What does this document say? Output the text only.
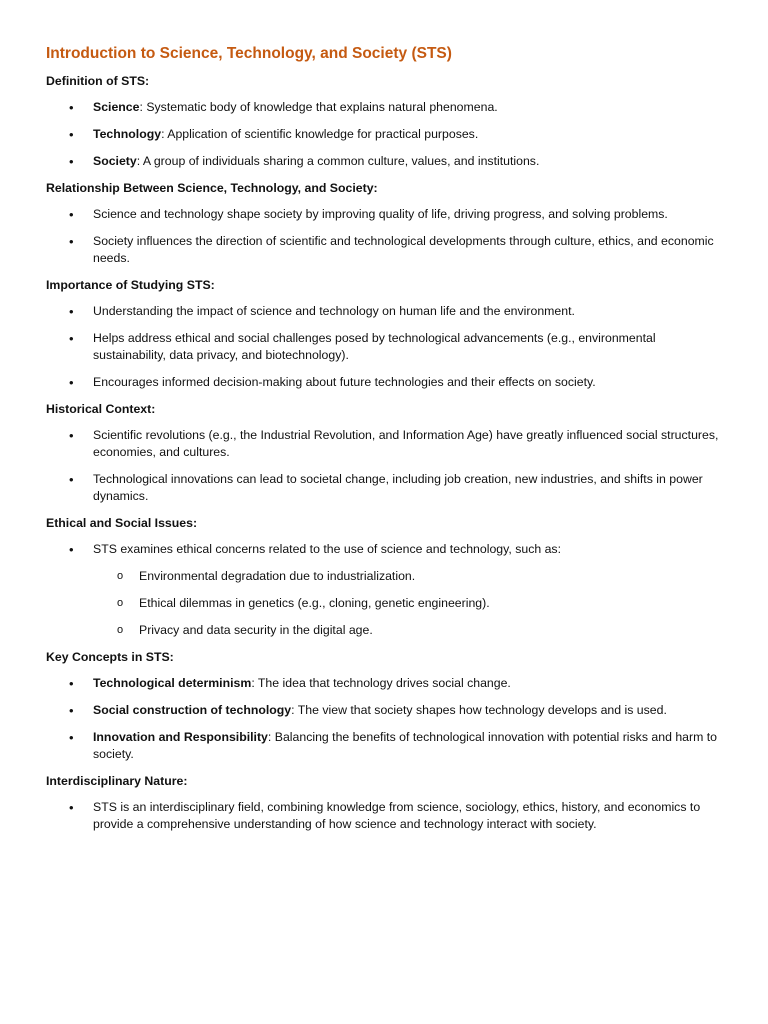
Introduction to Science, Technology, and Society (STS)
Definition of STS:
• Science: Systematic body of knowledge that explains natural phenomena.
• Technology: Application of scientific knowledge for practical purposes.
• Society: A group of individuals sharing a common culture, values, and institutions.
Relationship Between Science, Technology, and Society:
• Science and technology shape society by improving quality of life, driving progress, and solving problems.
• Society influences the direction of scientific and technological developments through culture, ethics, and economic needs.
Importance of Studying STS:
• Understanding the impact of science and technology on human life and the environment.
• Helps address ethical and social challenges posed by technological advancements (e.g., environmental sustainability, data privacy, and biotechnology).
• Encourages informed decision-making about future technologies and their effects on society.
Historical Context:
• Scientific revolutions (e.g., the Industrial Revolution, and Information Age) have greatly influenced social structures, economies, and cultures.
• Technological innovations can lead to societal change, including job creation, new industries, and shifts in power dynamics.
Ethical and Social Issues:
• STS examines ethical concerns related to the use of science and technology, such as:
o Environmental degradation due to industrialization.
o Ethical dilemmas in genetics (e.g., cloning, genetic engineering).
o Privacy and data security in the digital age.
Key Concepts in STS:
• Technological determinism: The idea that technology drives social change.
• Social construction of technology: The view that society shapes how technology develops and is used.
• Innovation and Responsibility: Balancing the benefits of technological innovation with potential risks and harm to society.
Interdisciplinary Nature:
• STS is an interdisciplinary field, combining knowledge from science, sociology, ethics, history, and economics to provide a comprehensive understanding of how science and technology interact with society.
